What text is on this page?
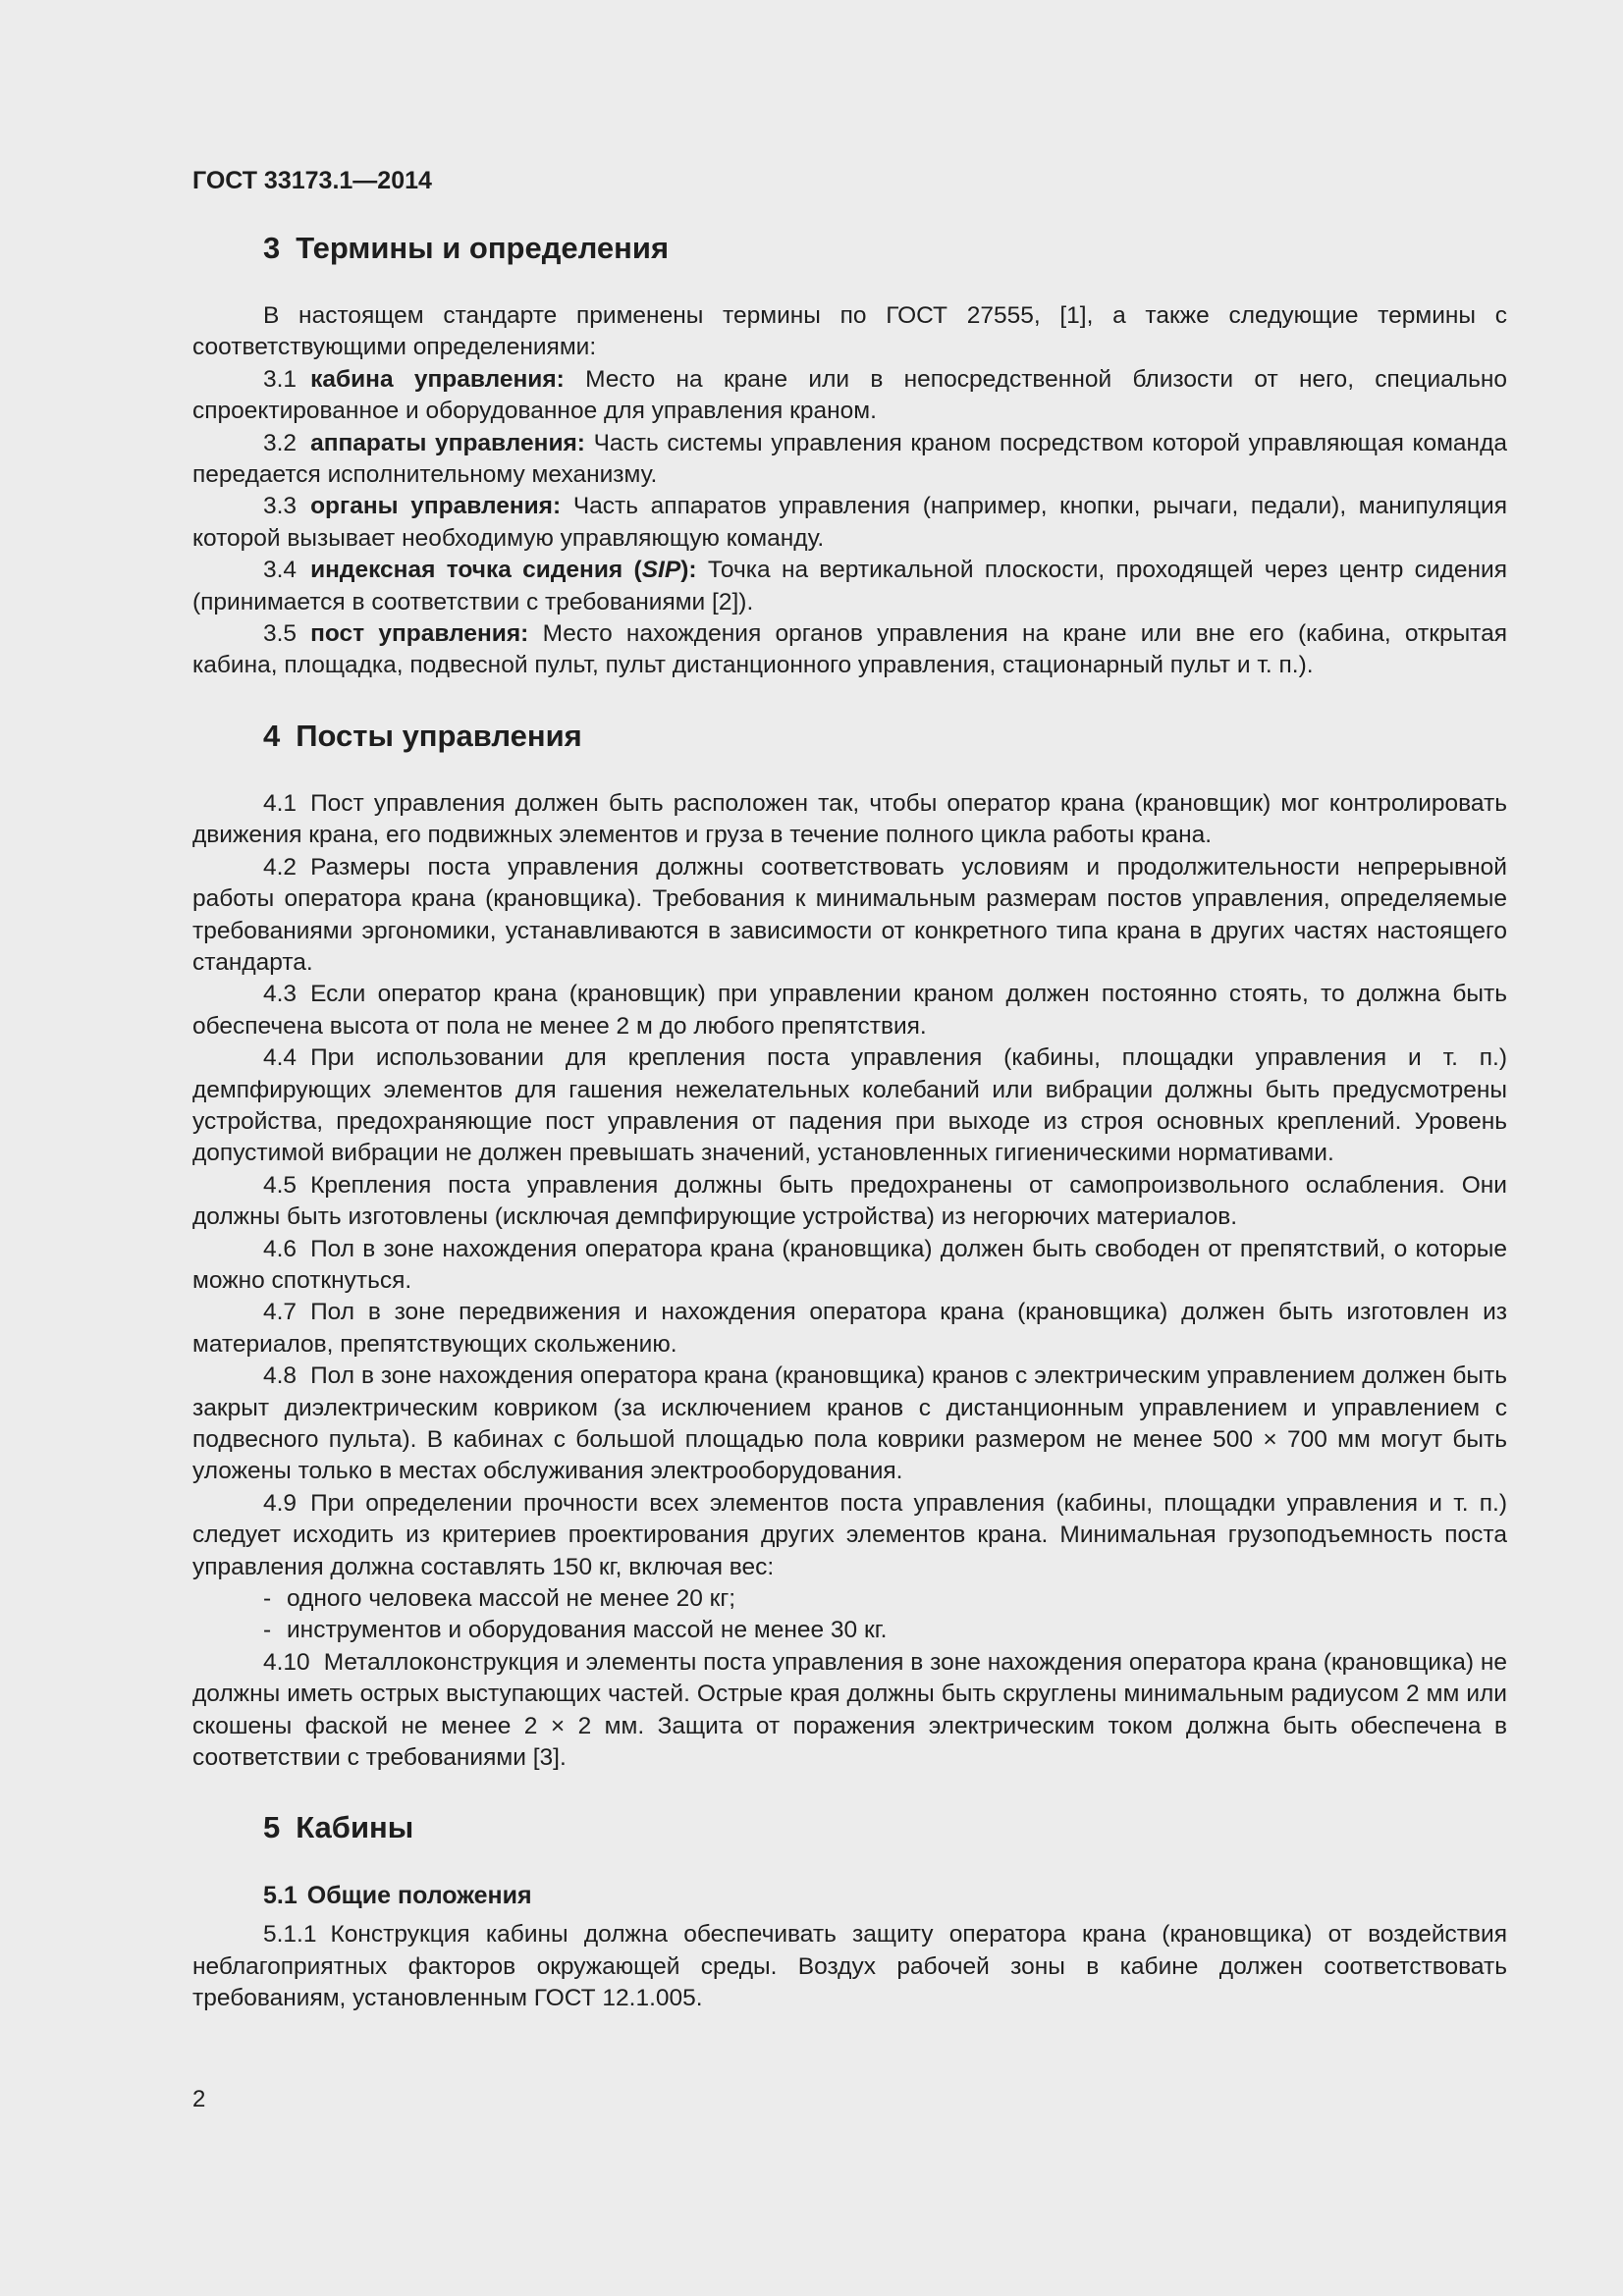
ГОСТ 33173.1—2014
3 Термины и определения

В настоящем стандарте применены термины по ГОСТ 27555, [1], а также следующие термины с соответствующими определениями:

3.1 кабина управления: Место на кране или в непосредственной близости от него, специально спроектированное и оборудованное для управления краном.

3.2 аппараты управления: Часть системы управления краном посредством которой управляющая команда передается исполнительному механизму.

3.3 органы управления: Часть аппаратов управления (например, кнопки, рычаги, педали), манипуляция которой вызывает необходимую управляющую команду.

3.4 индексная точка сидения (SIP): Точка на вертикальной плоскости, проходящей через центр сидения (принимается в соответствии с требованиями [2]).

3.5 пост управления: Место нахождения органов управления на кране или вне его (кабина, открытая кабина, площадка, подвесной пульт, пульт дистанционного управления, стационарный пульт и т. п.).

4 Посты управления

4.1 Пост управления должен быть расположен так, чтобы оператор крана (крановщик) мог контролировать движения крана, его подвижных элементов и груза в течение полного цикла работы крана.

4.2 Размеры поста управления должны соответствовать условиям и продолжительности непрерывной работы оператора крана (крановщика). Требования к минимальным размерам постов управления, определяемые требованиями эргономики, устанавливаются в зависимости от конкретного типа крана в других частях настоящего стандарта.

4.3 Если оператор крана (крановщик) при управлении краном должен постоянно стоять, то должна быть обеспечена высота от пола не менее 2 м до любого препятствия.

4.4 При использовании для крепления поста управления (кабины, площадки управления и т. п.) демпфирующих элементов для гашения нежелательных колебаний или вибрации должны быть предусмотрены устройства, предохраняющие пост управления от падения при выходе из строя основных креплений. Уровень допустимой вибрации не должен превышать значений, установленных гигиеническими нормативами.

4.5 Крепления поста управления должны быть предохранены от самопроизвольного ослабления. Они должны быть изготовлены (исключая демпфирующие устройства) из негорючих материалов.

4.6 Пол в зоне нахождения оператора крана (крановщика) должен быть свободен от препятствий, о которые можно споткнуться.

4.7 Пол в зоне передвижения и нахождения оператора крана (крановщика) должен быть изготовлен из материалов, препятствующих скольжению.

4.8 Пол в зоне нахождения оператора крана (крановщика) кранов с электрическим управлением должен быть закрыт диэлектрическим ковриком (за исключением кранов с дистанционным управлением и управлением с подвесного пульта). В кабинах с большой площадью пола коврики размером не менее 500 × 700 мм могут быть уложены только в местах обслуживания электрооборудования.

4.9 При определении прочности всех элементов поста управления (кабины, площадки управления и т. п.) следует исходить из критериев проектирования других элементов крана. Минимальная грузоподъемность поста управления должна составлять 150 кг, включая вес:

- одного человека массой не менее 20 кг;
- инструментов и оборудования массой не менее 30 кг.

4.10 Металлоконструкция и элементы поста управления в зоне нахождения оператора крана (крановщика) не должны иметь острых выступающих частей. Острые края должны быть скруглены минимальным радиусом 2 мм или скошены фаской не менее 2 × 2 мм. Защита от поражения электрическим током должна быть обеспечена в соответствии с требованиями [3].

5 Кабины
5.1 Общие положения

5.1.1 Конструкция кабины должна обеспечивать защиту оператора крана (крановщика) от воздействия неблагоприятных факторов окружающей среды. Воздух рабочей зоны в кабине должен соответствовать требованиям, установленным ГОСТ 12.1.005.

2
